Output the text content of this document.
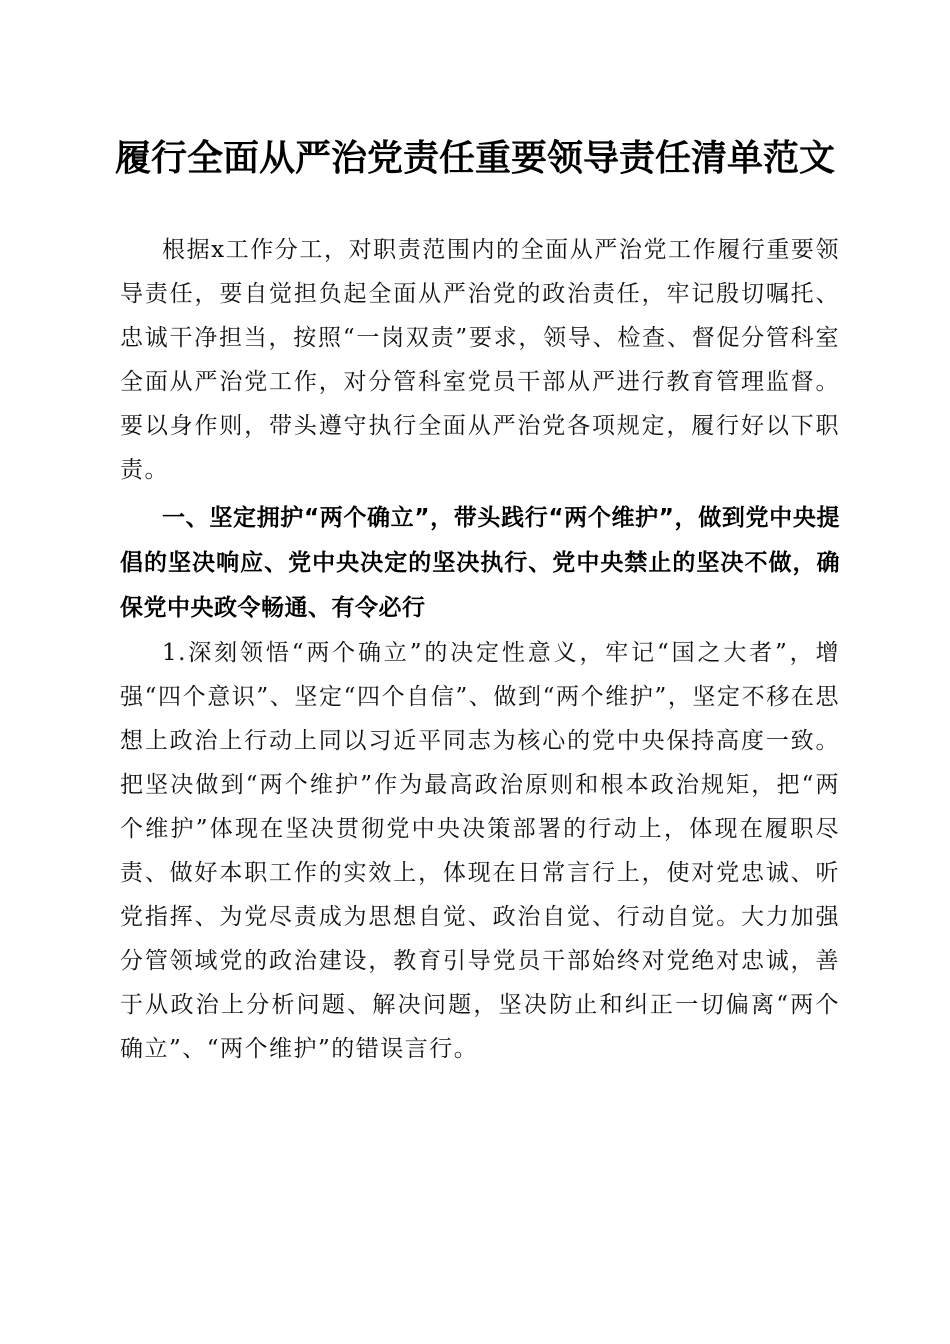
履行全面从严治党责任重要领导责任清单范文

根据x工作分工，对职责范围内的全面从严治党工作履行重要领导责任，要自觉担负起全面从严治党的政治责任，牢记殷切嘱托、忠诚干净担当，按照“一岗双责”要求，领导、检查、督促分管科室全面从严治党工作，对分管科室党员干部从严进行教育管理监督。要以身作则，带头遵守执行全面从严治党各项规定，履行好以下职责。

一、坚定拥护“两个确立”，带头践行“两个维护”，做到党中央提倡的坚决响应、党中央决定的坚决执行、党中央禁止的坚决不做，确保党中央政令畅通、有令必行

1.深刻领悟“两个确立”的决定性意义，牢记“国之大者”，增强“四个意识”、坚定“四个自信”、做到“两个维护”，坚定不移在思想上政治上行动上同以习近平同志为核心的党中央保持高度一致。把坚决做到“两个维护”作为最高政治原则和根本政治规矩，把“两个维护”体现在坚决贯彻党中央决策部署的行动上，体现在履职尽责、做好本职工作的实效上，体现在日常言行上，使对党忠诚、听党指挥、为党尽责成为思想自觉、政治自觉、行动自觉。大力加强分管领域党的政治建设，教育引导党员干部始终对党绝对忠诚，善于从政治上分析问题、解决问题，坚决防止和纠正一切偏离“两个确立”、“两个维护”的错误言行。
